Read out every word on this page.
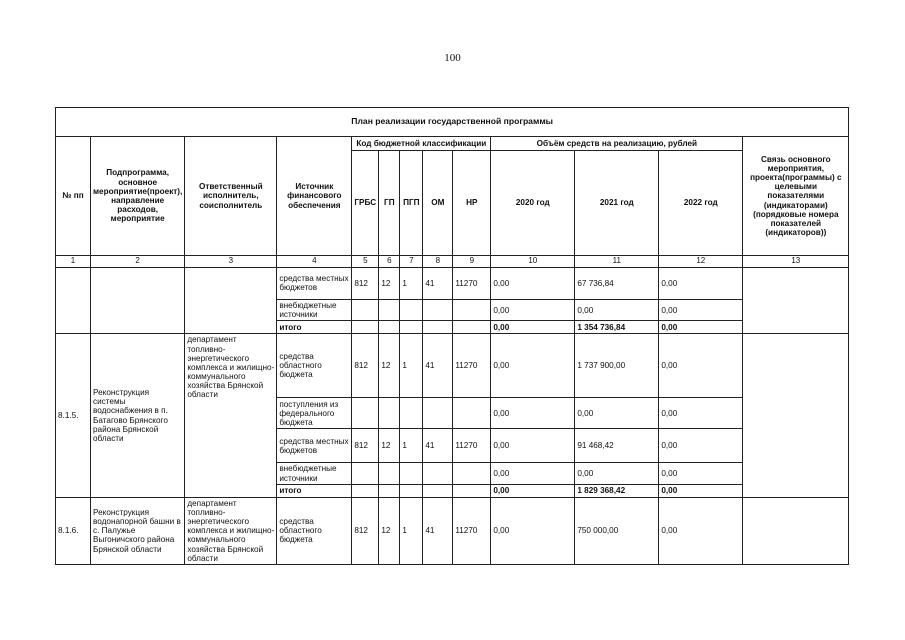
100
План реализации государственной программы												
№ пп	Подпрограмма, основное мероприятие(проект), направление расходов, мероприятие	Ответственный исполнитель, соисполнитель	Источник финансового обеспечения	Код бюджетной классификации					Объём средств на реализацию, рублей			Связь основного мероприятия, проекта(программы) с целевыми показателями (индикаторами) (порядковые номера показателей (индикаторов))
				ГРБС	ГП	ПГП	ОМ	НР	2020 год	2021 год	2022 год	
1	2	3	4	5	6	7	8	9	10	11	12	13
			средства местных бюджетов	812	12	1	41	11270	0,00	67 736,84	0,00	
			внебюджетные источники						0,00	0,00	0,00	
			итого						0,00	1 354 736,84	0,00	
8.1.5.	Реконструкция системы водоснабжения в п. Батагово Брянского района Брянской области	департамент топливно-энергетического комплекса и жилищно-коммунального хозяйства Брянской области	средства областного бюджета	812	12	1	41	11270	0,00	1 737 900,00	0,00	
			поступления из федерального бюджета						0,00	0,00	0,00	
			средства местных бюджетов	812	12	1	41	11270	0,00	91 468,42	0,00	
			внебюджетные источники						0,00	0,00	0,00	
			итого						0,00	1 829 368,42	0,00	
8.1.6.	Реконструкция водонапорной башни в с. Палужье Выгоничского района Брянской области	департамент топливно-энергетического комплекса и жилищно-коммунального хозяйства Брянской области	средства областного бюджета	812	12	1	41	11270	0,00	750 000,00	0,00	
